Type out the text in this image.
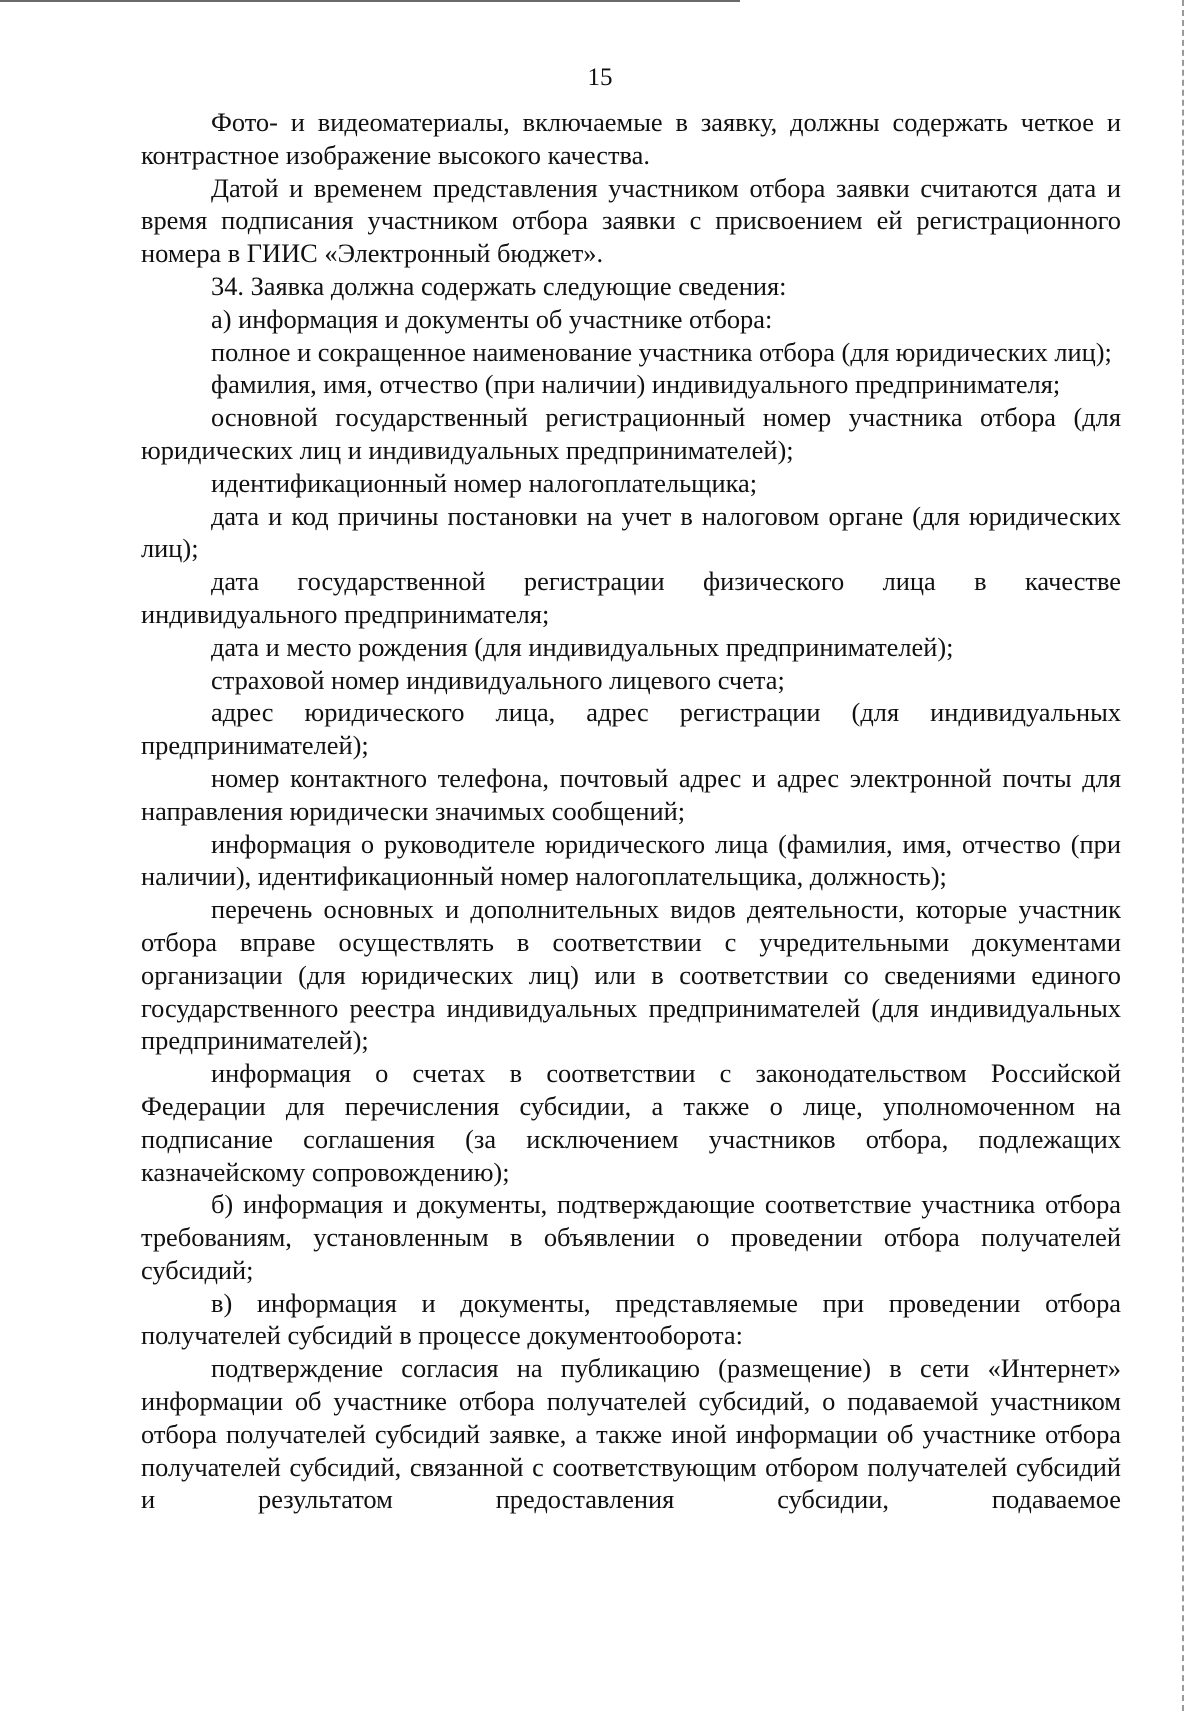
15

Фото- и видеоматериалы, включаемые в заявку, должны содержать четкое и контрастное изображение высокого качества.

Датой и временем представления участником отбора заявки считаются дата и время подписания участником отбора заявки с присвоением ей регистрационного номера в ГИИС «Электронный бюджет».

34. Заявка должна содержать следующие сведения:

а) информация и документы об участнике отбора:

полное и сокращенное наименование участника отбора (для юридических лиц);

фамилия, имя, отчество (при наличии) индивидуального предпринимателя;

основной государственный регистрационный номер участника отбора (для юридических лиц и индивидуальных предпринимателей);

идентификационный номер налогоплательщика;

дата и код причины постановки на учет в налоговом органе (для юридических лиц);

дата государственной регистрации физического лица в качестве индивидуального предпринимателя;

дата и место рождения (для индивидуальных предпринимателей);

страховой номер индивидуального лицевого счета;

адрес юридического лица, адрес регистрации (для индивидуальных предпринимателей);

номер контактного телефона, почтовый адрес и адрес электронной почты для направления юридически значимых сообщений;

информация о руководителе юридического лица (фамилия, имя, отчество (при наличии), идентификационный номер налогоплательщика, должность);

перечень основных и дополнительных видов деятельности, которые участник отбора вправе осуществлять в соответствии с учредительными документами организации (для юридических лиц) или в соответствии со сведениями единого государственного реестра индивидуальных предпринимателей (для индивидуальных предпринимателей);

информация о счетах в соответствии с законодательством Российской Федерации для перечисления субсидии, а также о лице, уполномоченном на подписание соглашения (за исключением участников отбора, подлежащих казначейскому сопровождению);

б) информация и документы, подтверждающие соответствие участника отбора требованиям, установленным в объявлении о проведении отбора получателей субсидий;

в) информация и документы, представляемые при проведении отбора получателей субсидий в процессе документооборота:

подтверждение согласия на публикацию (размещение) в сети «Интернет» информации об участнике отбора получателей субсидий, о подаваемой участником отбора получателей субсидий заявке, а также иной информации об участнике отбора получателей субсидий, связанной с соответствующим отбором получателей субсидий и результатом предоставления субсидии, подаваемое
